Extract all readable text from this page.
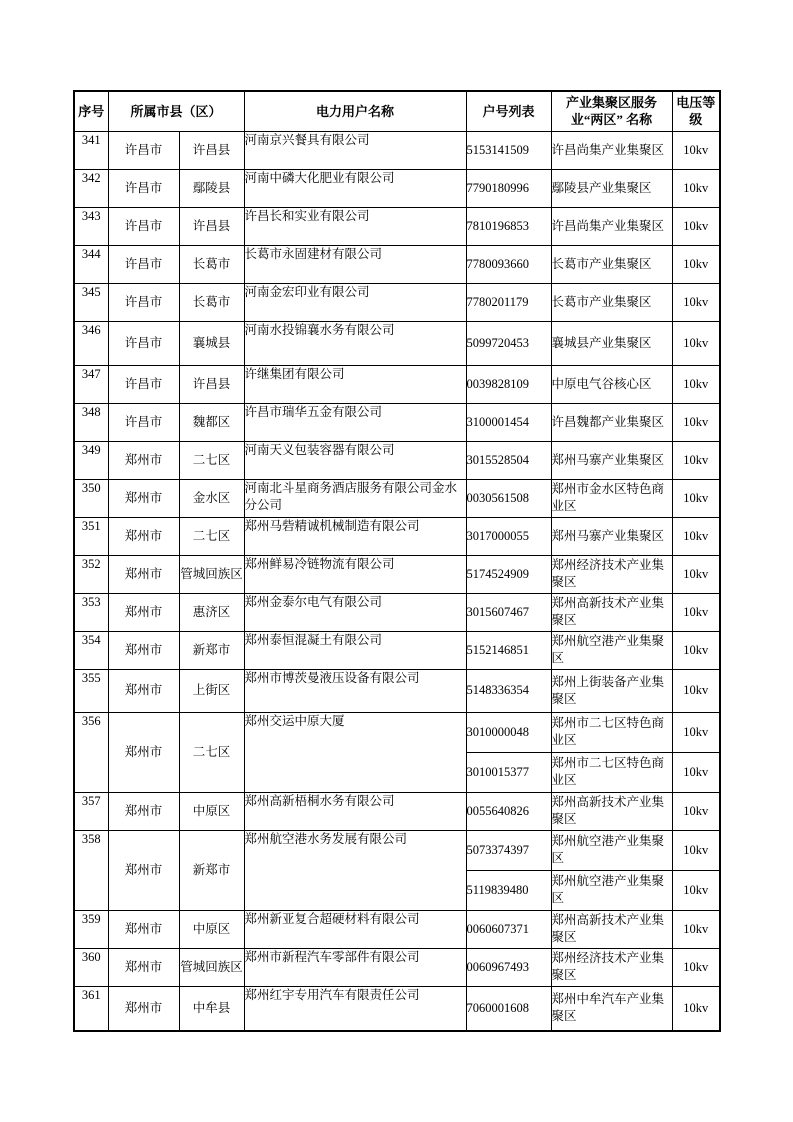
序号	所属市县（区）		电力用户名称	户号列表	产业集聚区服务业“两区” 名称	电压等级
341	许昌市	许昌县	河南京兴餐具有限公司	5153141509	许昌尚集产业集聚区	10kv
342	许昌市	鄢陵县	河南中磷大化肥业有限公司	7790180996	鄢陵县产业集聚区	10kv
343	许昌市	许昌县	许昌长和实业有限公司	7810196853	许昌尚集产业集聚区	10kv
344	许昌市	长葛市	长葛市永固建材有限公司	7780093660	长葛市产业集聚区	10kv
345	许昌市	长葛市	河南金宏印业有限公司	7780201179	长葛市产业集聚区	10kv
346	许昌市	襄城县	河南水投锦襄水务有限公司	5099720453	襄城县产业集聚区	10kv
347	许昌市	许昌县	许继集团有限公司	0039828109	中原电气谷核心区	10kv
348	许昌市	魏都区	许昌市瑞华五金有限公司	3100001454	许昌魏都产业集聚区	10kv
349	郑州市	二七区	河南天义包装容器有限公司	3015528504	郑州马寨产业集聚区	10kv
350	郑州市	金水区	河南北斗星商务酒店服务有限公司金水分公司	0030561508	郑州市金水区特色商业区	10kv
351	郑州市	二七区	郑州马砦精诚机械制造有限公司	3017000055	郑州马寨产业集聚区	10kv
352	郑州市	管城回族区	郑州鲜易冷链物流有限公司	5174524909	郑州经济技术产业集聚区	10kv
353	郑州市	惠济区	郑州金泰尔电气有限公司	3015607467	郑州高新技术产业集聚区	10kv
354	郑州市	新郑市	郑州泰恒混凝土有限公司	5152146851	郑州航空港产业集聚区	10kv
355	郑州市	上街区	郑州市博茨曼液压设备有限公司	5148336354	郑州上街装备产业集聚区	10kv
356	郑州市	二七区	郑州交运中原大厦	3010000048	郑州市二七区特色商业区	10kv
				3010015377	郑州市二七区特色商业区	10kv
357	郑州市	中原区	郑州高新梧桐水务有限公司	0055640826	郑州高新技术产业集聚区	10kv
358	郑州市	新郑市	郑州航空港水务发展有限公司	5073374397	郑州航空港产业集聚区	10kv
				5119839480	郑州航空港产业集聚区	10kv
359	郑州市	中原区	郑州新亚复合超硬材料有限公司	0060607371	郑州高新技术产业集聚区	10kv
360	郑州市	管城回族区	郑州市新程汽车零部件有限公司	0060967493	郑州经济技术产业集聚区	10kv
361	郑州市	中牟县	郑州红宇专用汽车有限责任公司	7060001608	郑州中牟汽车产业集聚区	10kv
